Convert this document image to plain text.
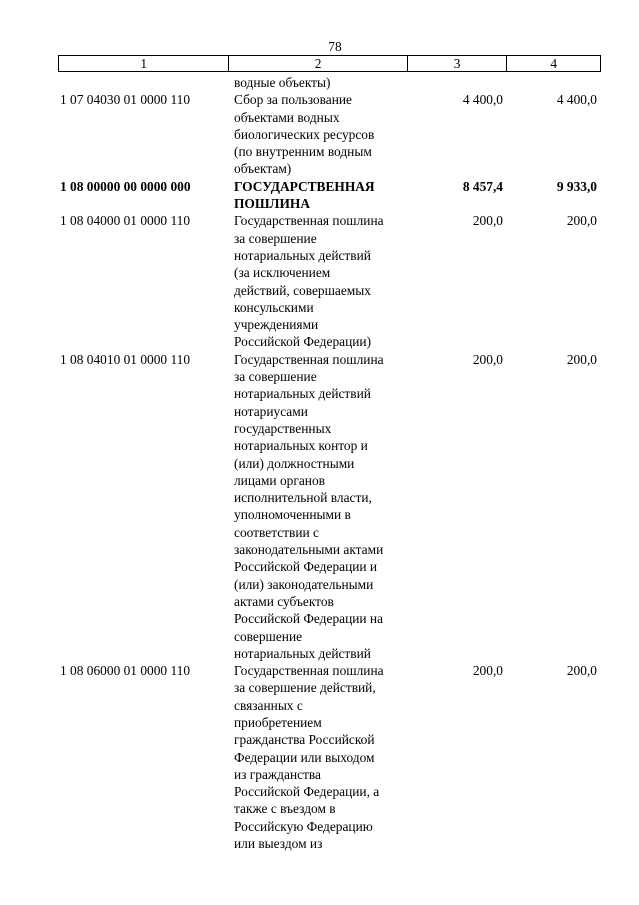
78
1	2	3	4
водные объекты)
1 07 04030 01 0000 110	Сбор за пользование
объектами водных
биологических ресурсов
(по внутренним водным
объектам)
4 400,0	4 400,0
1 08 00000 00 0000 000	ГОСУДАРСТВЕННАЯ
ПОШЛИНА
8 457,4	9 933,0
1 08 04000 01 0000 110	Государственная пошлина
за совершение
нотариальных действий
(за исключением
действий, совершаемых
консульскими
учреждениями
Российской Федерации)
200,0	200,0
1 08 04010 01 0000 110	Государственная пошлина
за совершение
нотариальных действий
нотариусами
государственных
нотариальных контор и
(или) должностными
лицами органов
исполнительной власти,
уполномоченными в
соответствии с
законодательными актами
Российской Федерации и
(или) законодательными
актами субъектов
Российской Федерации на
совершение
нотариальных действий
200,0	200,0
1 08 06000 01 0000 110	Государственная пошлина
за совершение действий,
связанных с
приобретением
гражданства Российской
Федерации или выходом
из гражданства
Российской Федерации, а
также с въездом в
Российскую Федерацию
или выездом из
200,0	200,0
